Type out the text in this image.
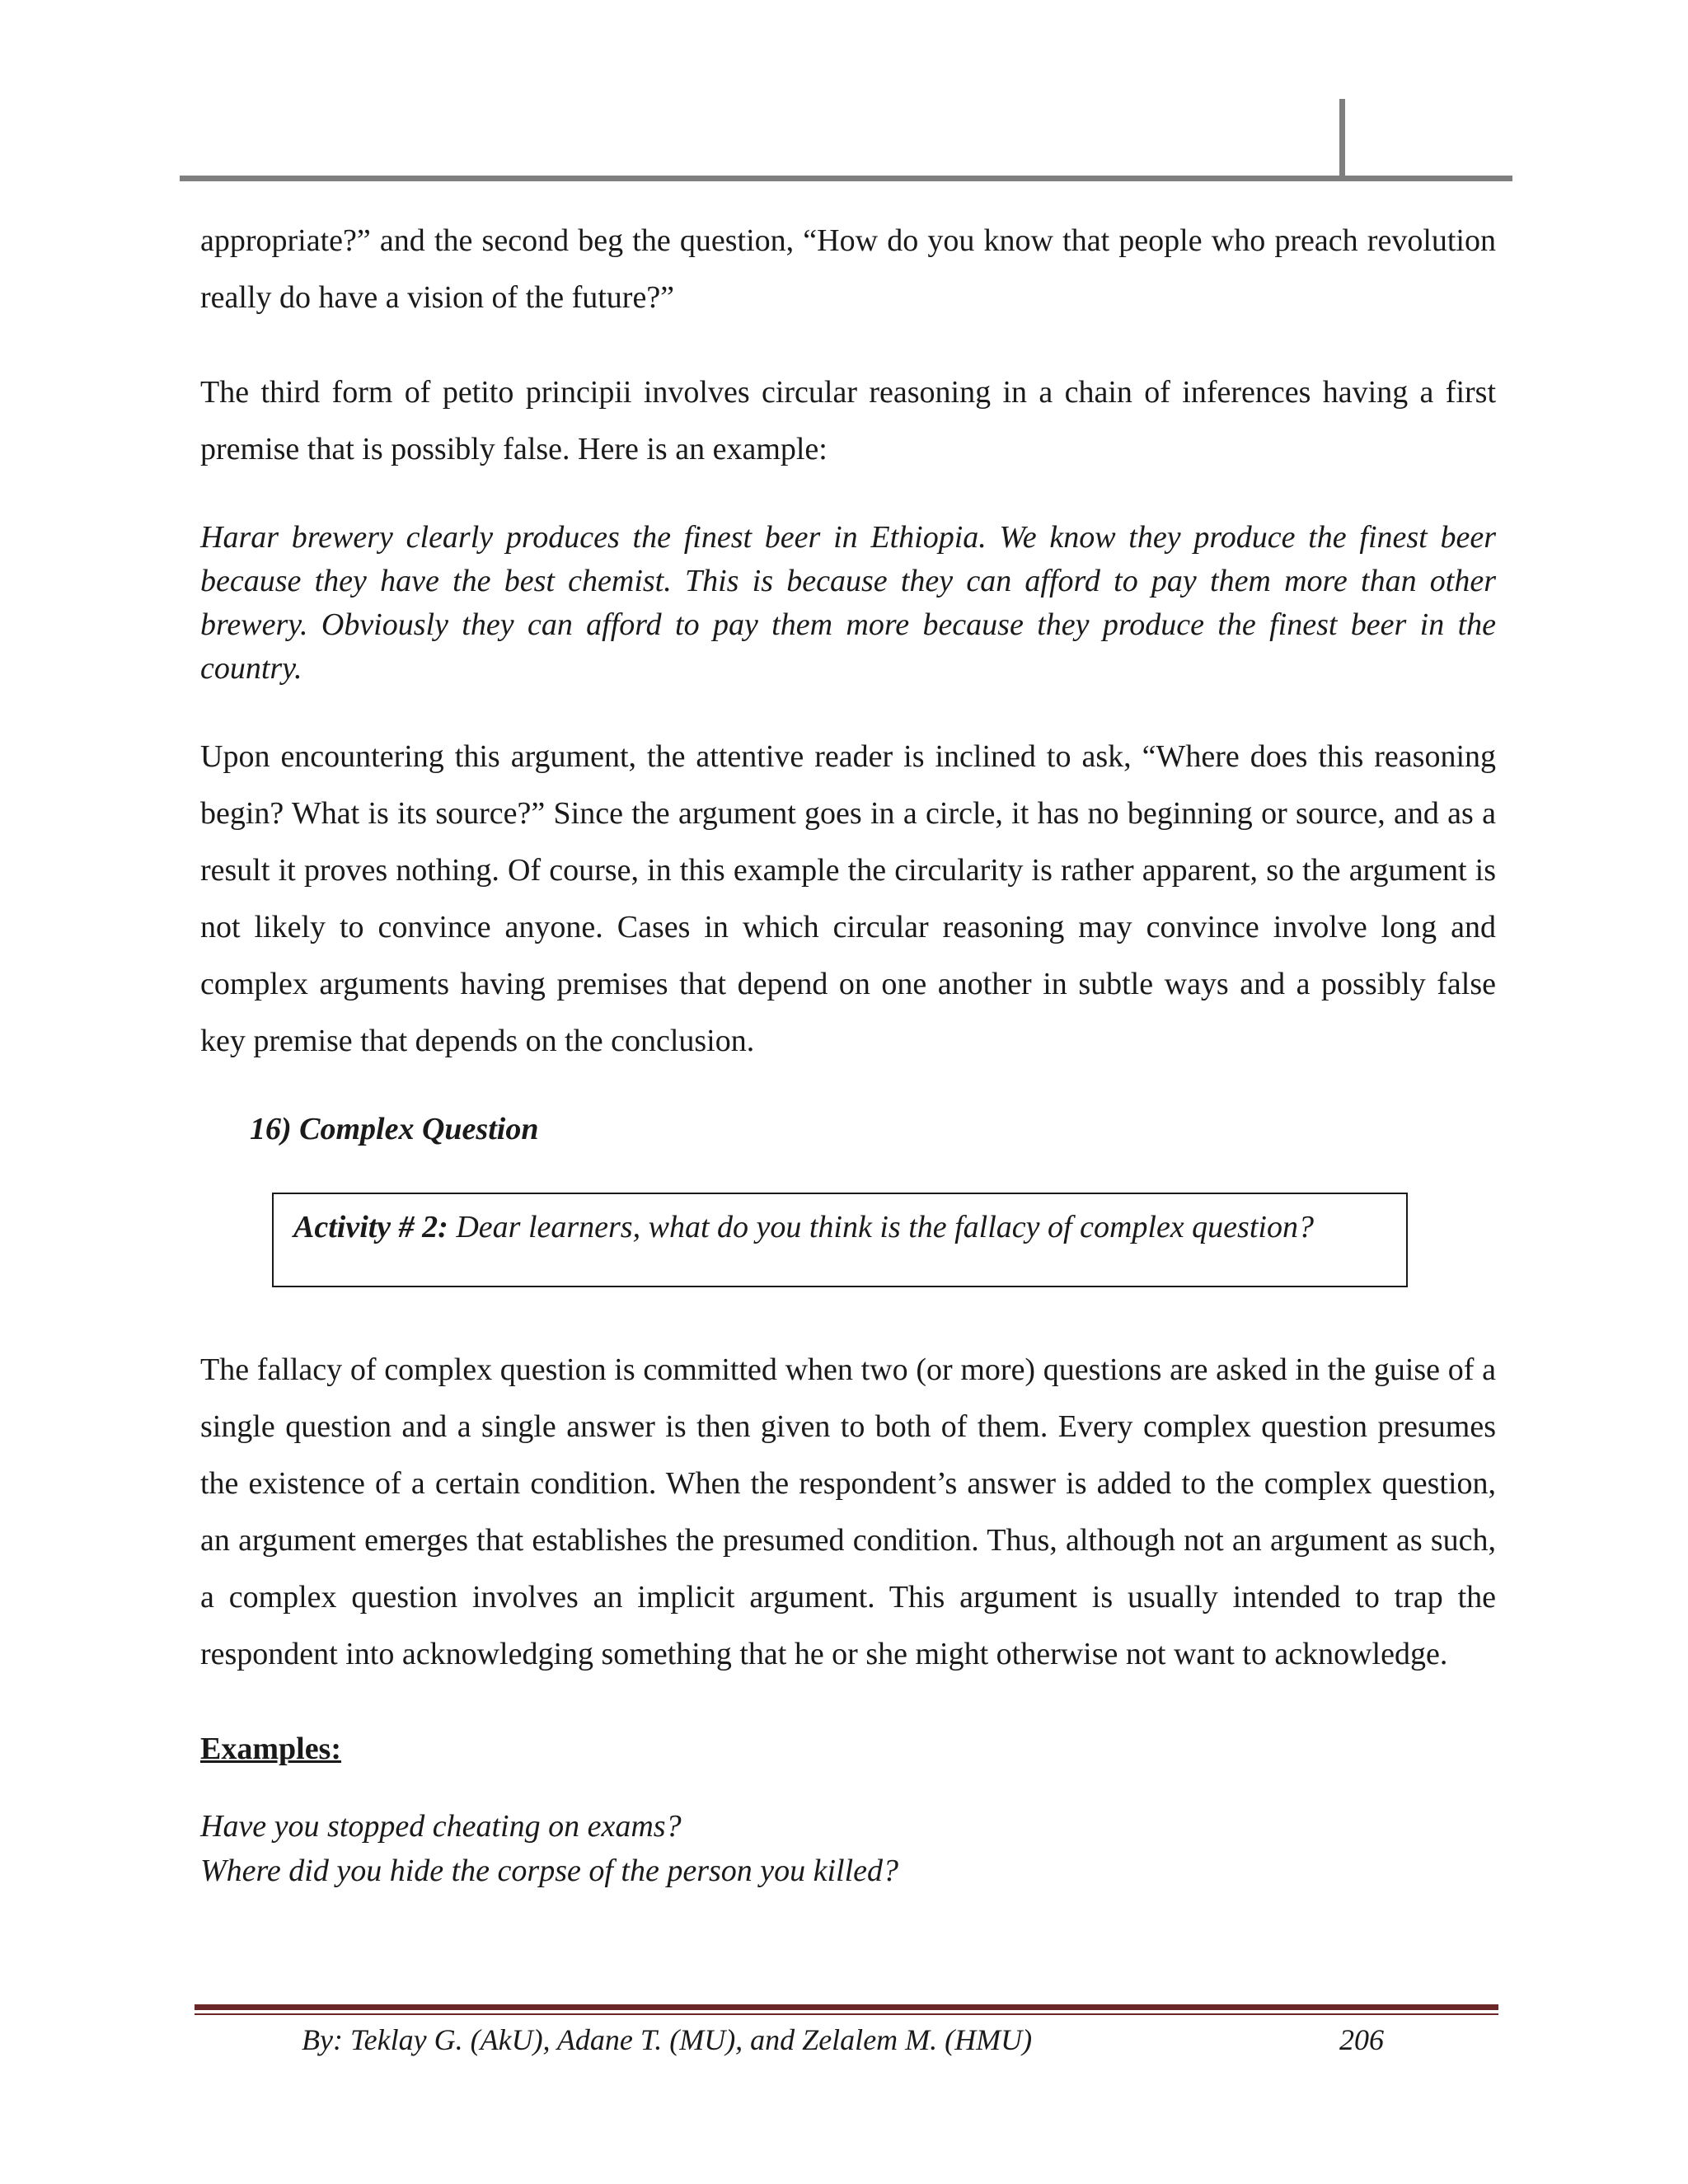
appropriate?” and the second beg the question, “How do you know that people who preach revolution really do have a vision of the future?”

The third form of petito principii involves circular reasoning in a chain of inferences having a first premise that is possibly false. Here is an example:

Harar brewery clearly produces the finest beer in Ethiopia. We know they produce the finest beer because they have the best chemist. This is because they can afford to pay them more than other brewery. Obviously they can afford to pay them more because they produce the finest beer in the country.

Upon encountering this argument, the attentive reader is inclined to ask, “Where does this reasoning begin? What is its source?” Since the argument goes in a circle, it has no beginning or source, and as a result it proves nothing. Of course, in this example the circularity is rather apparent, so the argument is not likely to convince anyone. Cases in which circular reasoning may convince involve long and complex arguments having premises that depend on one another in subtle ways and a possibly false key premise that depends on the conclusion.

16) Complex Question
Activity # 2: Dear learners, what do you think is the fallacy of complex question?

The fallacy of complex question is committed when two (or more) questions are asked in the guise of a single question and a single answer is then given to both of them. Every complex question presumes the existence of a certain condition. When the respondent’s answer is added to the complex question, an argument emerges that establishes the presumed condition. Thus, although not an argument as such, a complex question involves an implicit argument. This argument is usually intended to trap the respondent into acknowledging something that he or she might otherwise not want to acknowledge.

Examples:
Have you stopped cheating on exams?
Where did you hide the corpse of the person you killed?
By: Teklay G. (AkU), Adane T. (MU), and Zelalem M. (HMU)	206
